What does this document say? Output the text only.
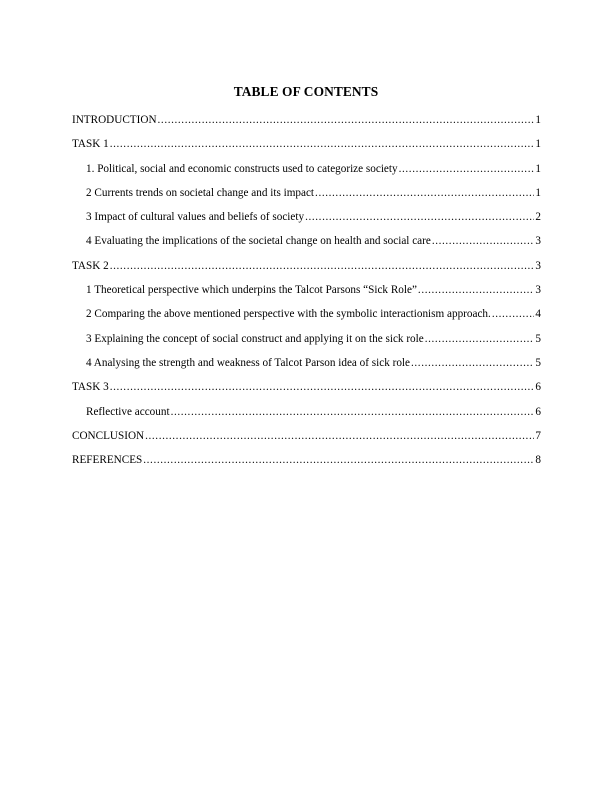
TABLE OF CONTENTS
INTRODUCTION .....	1
TASK 1 .....	1
1. Political, social and economic constructs used to categorize society .....	1
2 Currents trends on societal change and its impact .....	1
3 Impact of cultural values and beliefs of society .....	2
4 Evaluating the implications of the societal change on health and social care .....	3
TASK 2 .....	3
1 Theoretical perspective which underpins the Talcot Parsons “Sick Role” .....	3
2 Comparing the above mentioned perspective with the symbolic interactionism approach. .....	4
3 Explaining the concept of social construct and applying it on the sick role .....	5
4 Analysing the strength and weakness of Talcot Parson idea of sick role .....	5
TASK 3 .....	6
Reflective account .....	6
CONCLUSION .....	7
REFERENCES .....	8
